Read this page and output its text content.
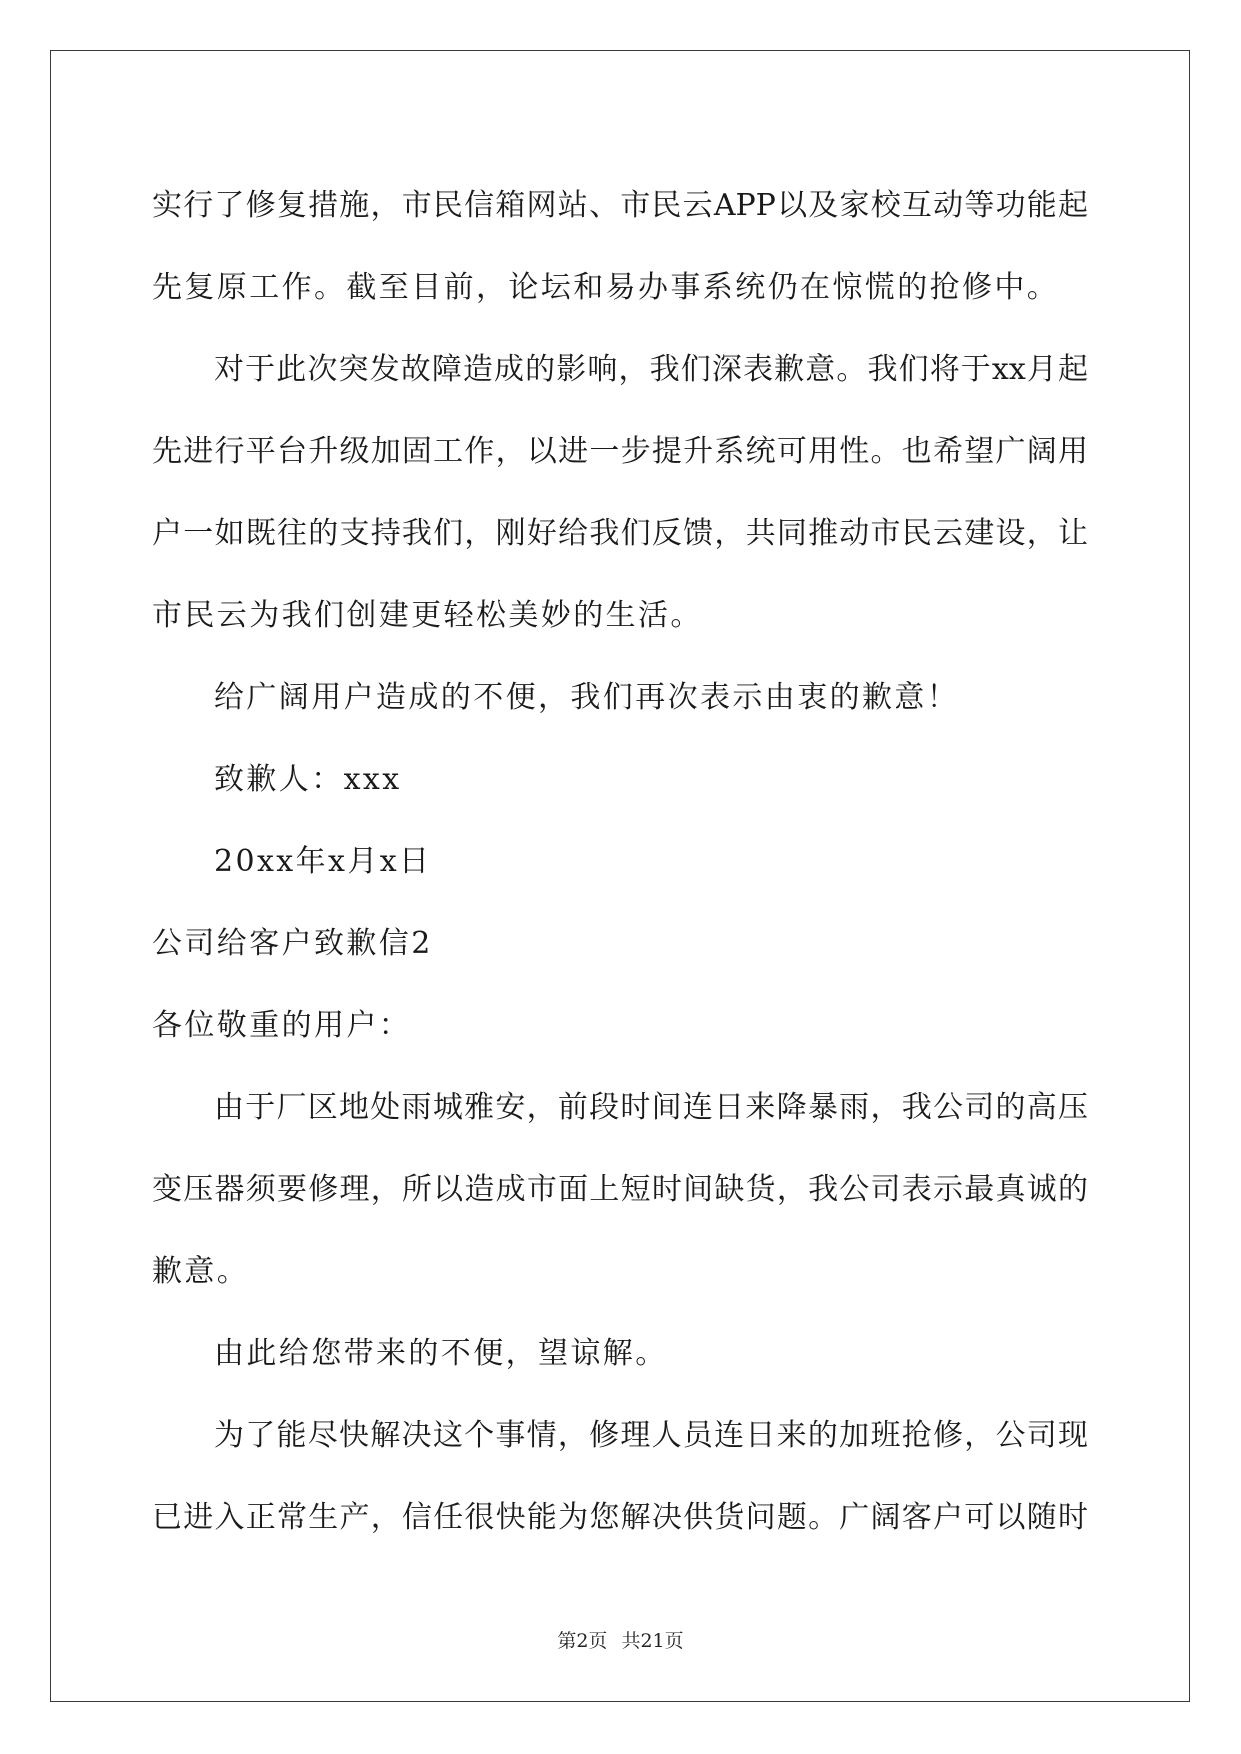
实行了修复措施，市民信箱网站、市民云APP以及家校互动等功能起
先复原工作。截至目前，论坛和易办事系统仍在惊慌的抢修中。
对于此次突发故障造成的影响，我们深表歉意。我们将于xx月起
先进行平台升级加固工作，以进一步提升系统可用性。也希望广阔用
户一如既往的支持我们，刚好给我们反馈，共同推动市民云建设，让
市民云为我们创建更轻松美妙的生活。
给广阔用户造成的不便，我们再次表示由衷的歉意！
致歉人：xxx
20xx年x月x日
公司给客户致歉信2
各位敬重的用户：
由于厂区地处雨城雅安，前段时间连日来降暴雨，我公司的高压
变压器须要修理，所以造成市面上短时间缺货，我公司表示最真诚的
歉意。
由此给您带来的不便，望谅解。
为了能尽快解决这个事情，修理人员连日来的加班抢修，公司现
已进入正常生产，信任很快能为您解决供货问题。广阔客户可以随时
第2页 共21页
